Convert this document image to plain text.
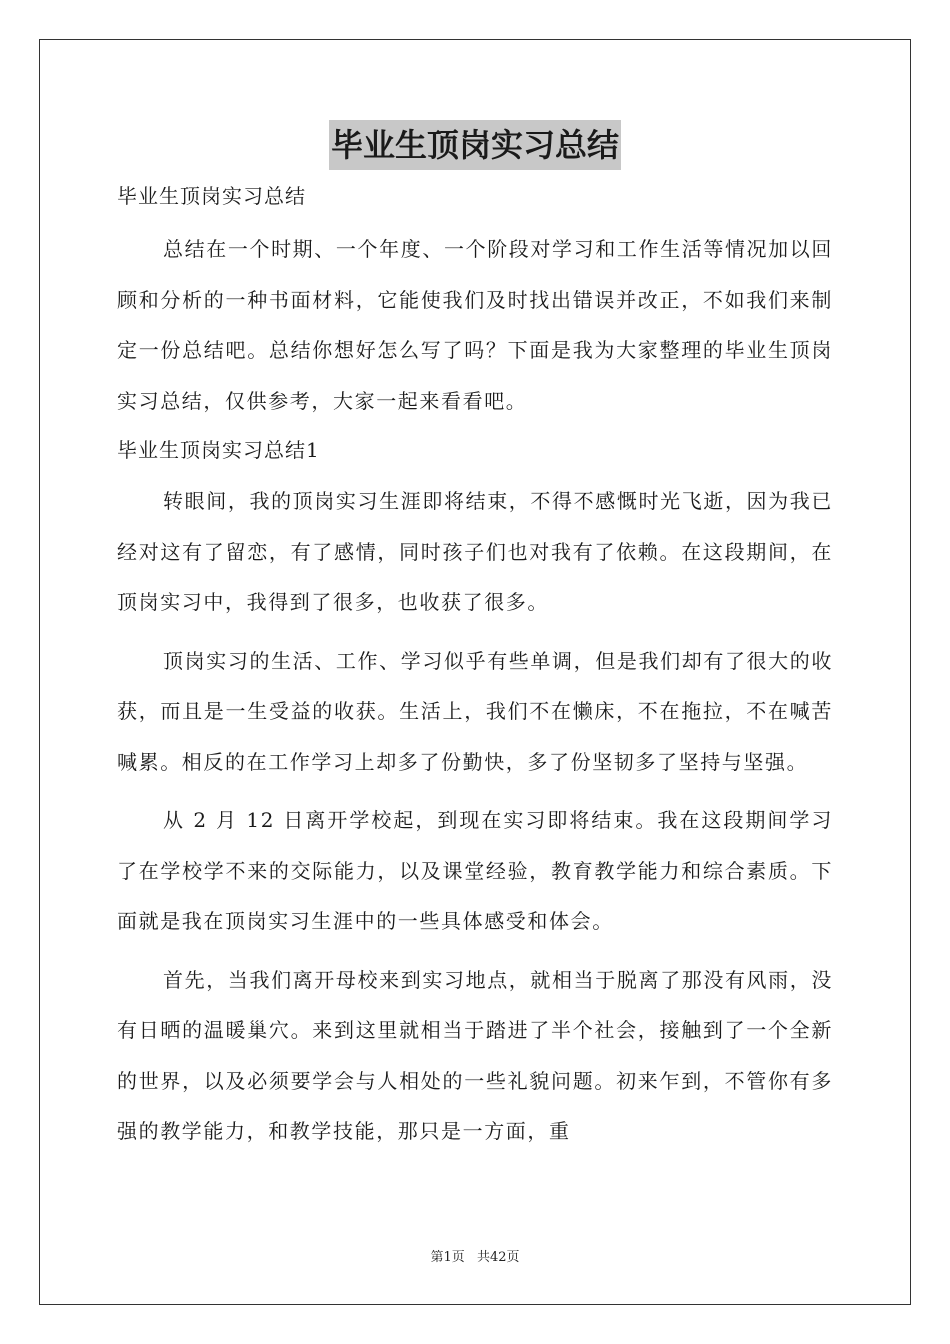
毕业生顶岗实习总结
毕业生顶岗实习总结

总结在一个时期、一个年度、一个阶段对学习和工作生活等情况加以回顾和分析的一种书面材料，它能使我们及时找出错误并改正，不如我们来制定一份总结吧。总结你想好怎么写了吗？下面是我为大家整理的毕业生顶岗实习总结，仅供参考，大家一起来看看吧。

毕业生顶岗实习总结1

转眼间，我的顶岗实习生涯即将结束，不得不感慨时光飞逝，因为我已经对这有了留恋，有了感情，同时孩子们也对我有了依赖。在这段期间，在顶岗实习中，我得到了很多，也收获了很多。

顶岗实习的生活、工作、学习似乎有些单调，但是我们却有了很大的收获，而且是一生受益的收获。生活上，我们不在懒床，不在拖拉，不在喊苦喊累。相反的在工作学习上却多了份勤快，多了份坚韧多了坚持与坚强。

从 2 月 12 日离开学校起，到现在实习即将结束。我在这段期间学习了在学校学不来的交际能力，以及课堂经验，教育教学能力和综合素质。下面就是我在顶岗实习生涯中的一些具体感受和体会。

首先，当我们离开母校来到实习地点，就相当于脱离了那没有风雨，没有日晒的温暖巢穴。来到这里就相当于踏进了半个社会，接触到了一个全新的世界，以及必须要学会与人相处的一些礼貌问题。初来乍到，不管你有多强的教学能力，和教学技能，那只是一方面，重

第1页 共42页
